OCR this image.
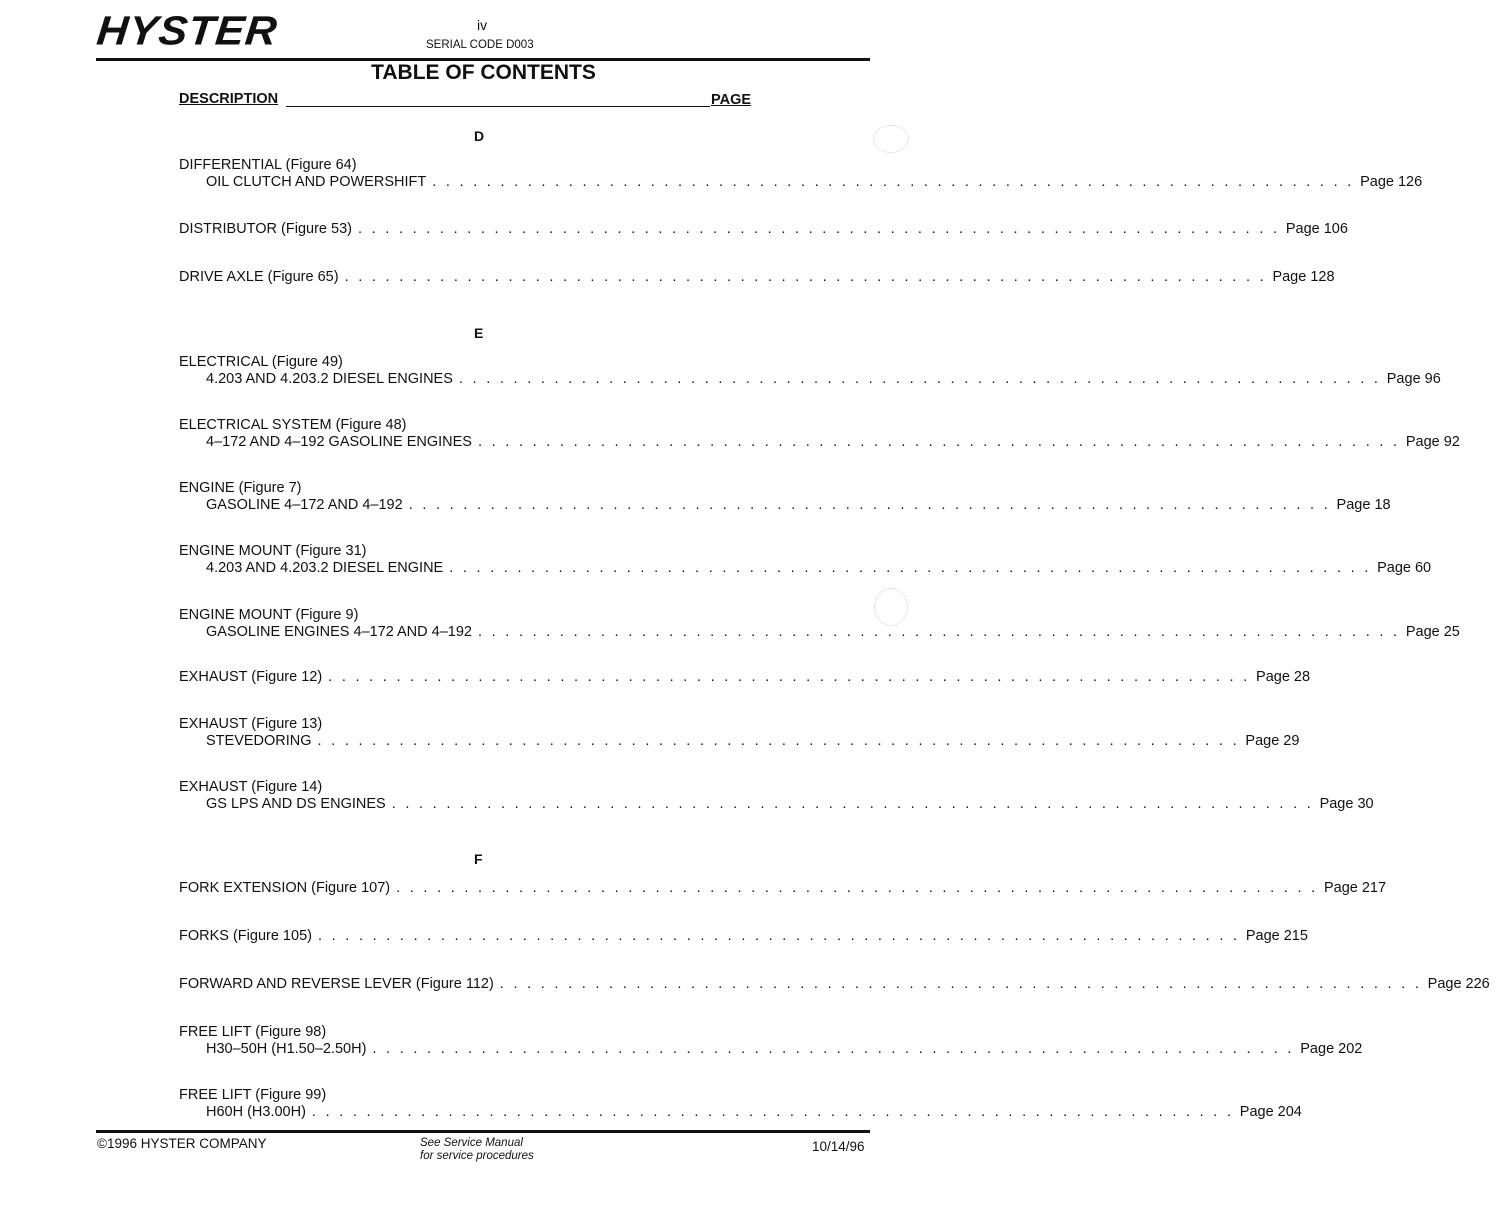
HYSTER	iv
SERIAL CODE D003
TABLE OF CONTENTS
DESCRIPTION	PAGE
D
E
F
DIFFERENTIAL (Figure 64)
OIL CLUTCH AND POWERSHIFT . . . . . . . . . . . . . . . . . . . . . . . . . . . . . . . . . . . . . . . . . . . . . . . . . . . . . . . . . . . . . . . . . . . . Page 126
DISTRIBUTOR (Figure 53) . . . . . . . . . . . . . . . . . . . . . . . . . . . . . . . . . . . . . . . . . . . . . . . . . . . . . . . . . . . . . . . . . . . . Page 106
DRIVE AXLE (Figure 65) . . . . . . . . . . . . . . . . . . . . . . . . . . . . . . . . . . . . . . . . . . . . . . . . . . . . . . . . . . . . . . . . . . . . Page 128
ELECTRICAL (Figure 49)
4.203 AND 4.203.2 DIESEL ENGINES . . . . . . . . . . . . . . . . . . . . . . . . . . . . . . . . . . . . . . . . . . . . . . . . . . . . . . . . . . . . . . . . . . . . Page 96
ELECTRICAL SYSTEM (Figure 48)
4–172 AND 4–192 GASOLINE ENGINES . . . . . . . . . . . . . . . . . . . . . . . . . . . . . . . . . . . . . . . . . . . . . . . . . . . . . . . . . . . . . . . . . . . . Page 92
ENGINE (Figure 7)
GASOLINE 4–172 AND 4–192 . . . . . . . . . . . . . . . . . . . . . . . . . . . . . . . . . . . . . . . . . . . . . . . . . . . . . . . . . . . . . . . . . . . . Page 18
ENGINE MOUNT (Figure 31)
4.203 AND 4.203.2 DIESEL ENGINE . . . . . . . . . . . . . . . . . . . . . . . . . . . . . . . . . . . . . . . . . . . . . . . . . . . . . . . . . . . . . . . . . . . . Page 60
ENGINE MOUNT (Figure 9)
GASOLINE ENGINES 4–172 AND 4–192 . . . . . . . . . . . . . . . . . . . . . . . . . . . . . . . . . . . . . . . . . . . . . . . . . . . . . . . . . . . . . . . . . . . . Page 25
EXHAUST (Figure 12) . . . . . . . . . . . . . . . . . . . . . . . . . . . . . . . . . . . . . . . . . . . . . . . . . . . . . . . . . . . . . . . . . . . . Page 28
EXHAUST (Figure 13)
STEVEDORING . . . . . . . . . . . . . . . . . . . . . . . . . . . . . . . . . . . . . . . . . . . . . . . . . . . . . . . . . . . . . . . . . . . . Page 29
EXHAUST (Figure 14)
GS LPS AND DS ENGINES . . . . . . . . . . . . . . . . . . . . . . . . . . . . . . . . . . . . . . . . . . . . . . . . . . . . . . . . . . . . . . . . . . . . Page 30
FORK EXTENSION (Figure 107) . . . . . . . . . . . . . . . . . . . . . . . . . . . . . . . . . . . . . . . . . . . . . . . . . . . . . . . . . . . . . . . . . . . . Page 217
FORKS (Figure 105) . . . . . . . . . . . . . . . . . . . . . . . . . . . . . . . . . . . . . . . . . . . . . . . . . . . . . . . . . . . . . . . . . . . . Page 215
FORWARD AND REVERSE LEVER (Figure 112) . . . . . . . . . . . . . . . . . . . . . . . . . . . . . . . . . . . . . . . . . . . . . . . . . . . . . . . . . . . . . . . . . . . . Page 226
FREE LIFT (Figure 98)
H30–50H (H1.50–2.50H) . . . . . . . . . . . . . . . . . . . . . . . . . . . . . . . . . . . . . . . . . . . . . . . . . . . . . . . . . . . . . . . . . . . . Page 202
FREE LIFT (Figure 99)
H60H (H3.00H) . . . . . . . . . . . . . . . . . . . . . . . . . . . . . . . . . . . . . . . . . . . . . . . . . . . . . . . . . . . . . . . . . . . . Page 204
©1996 HYSTER COMPANY	See Service Manual
for service procedures
10/14/96
